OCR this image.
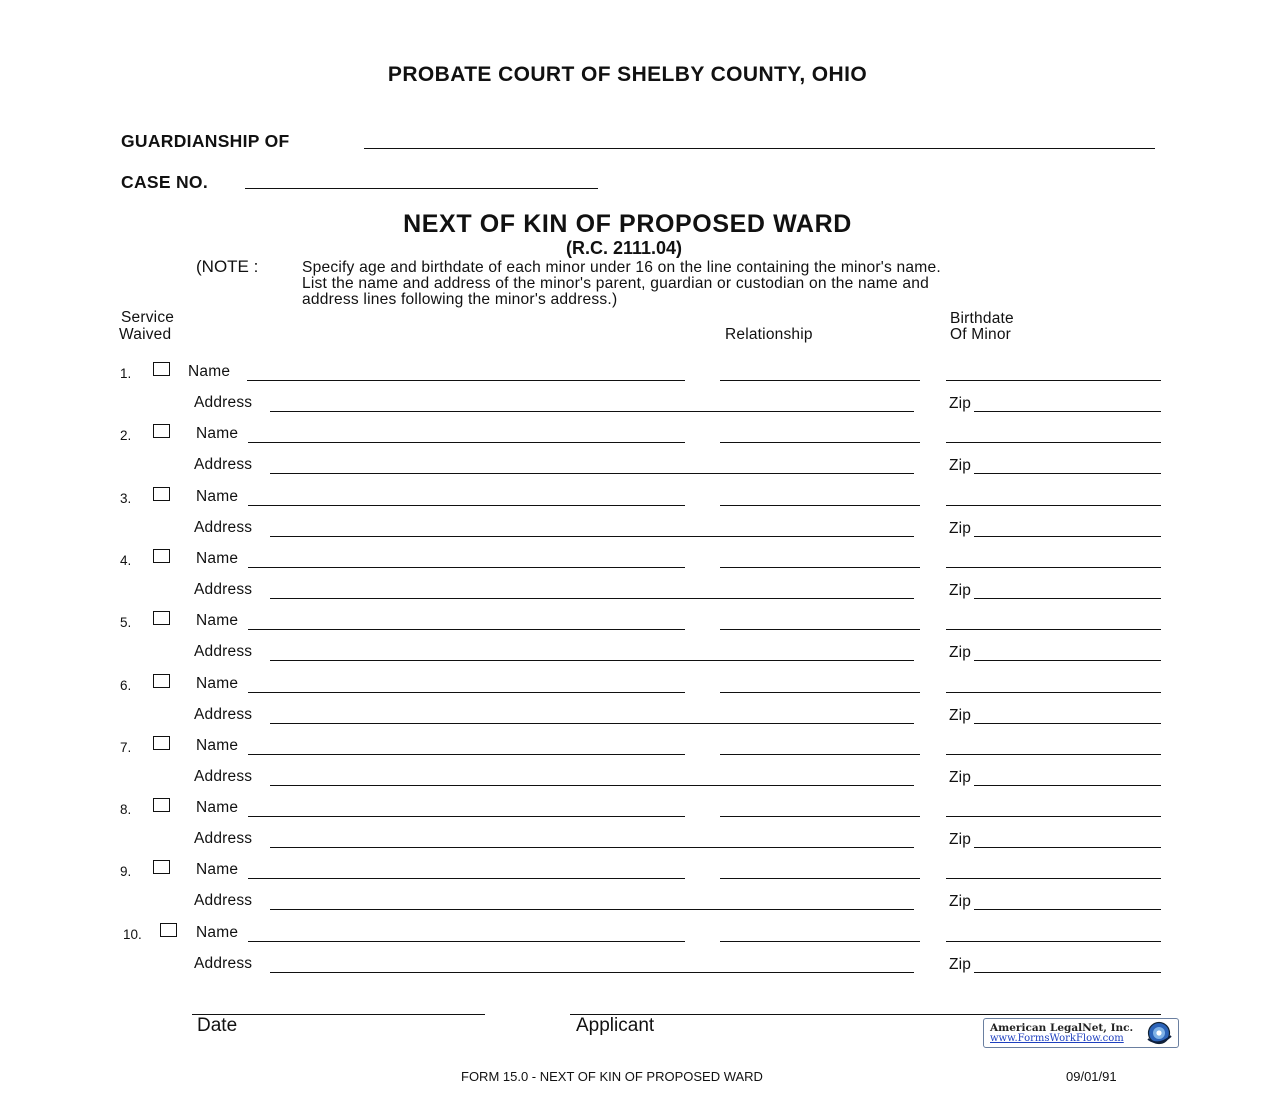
PROBATE COURT OF SHELBY COUNTY, OHIO
GUARDIANSHIP OF
CASE NO.
NEXT OF KIN OF PROPOSED WARD
(R.C. 2111.04)
(NOTE :	Specify age and birthdate of each minor under 16 on the line containing the minor's name.
List the name and address of the minor's parent, guardian or custodian on the name and
address lines following the minor's address.)
Service
Waived	Relationship
Birthdate
Of Minor
1.	Name
Address	Zip
2.	Name
Address	Zip
3.	Name
Address	Zip
4.	Name
Address	Zip
5.	Name
Address	Zip
6.	Name
Address	Zip
7.	Name
Address	Zip
8.	Name
Address	Zip
9.	Name
Address	Zip
10.	Name
Address	Zip
Date	Applicant	American LegalNet, Inc.
www.FormsWorkFlow.com
FORM 15.0 - NEXT OF KIN OF PROPOSED WARD	09/01/91
